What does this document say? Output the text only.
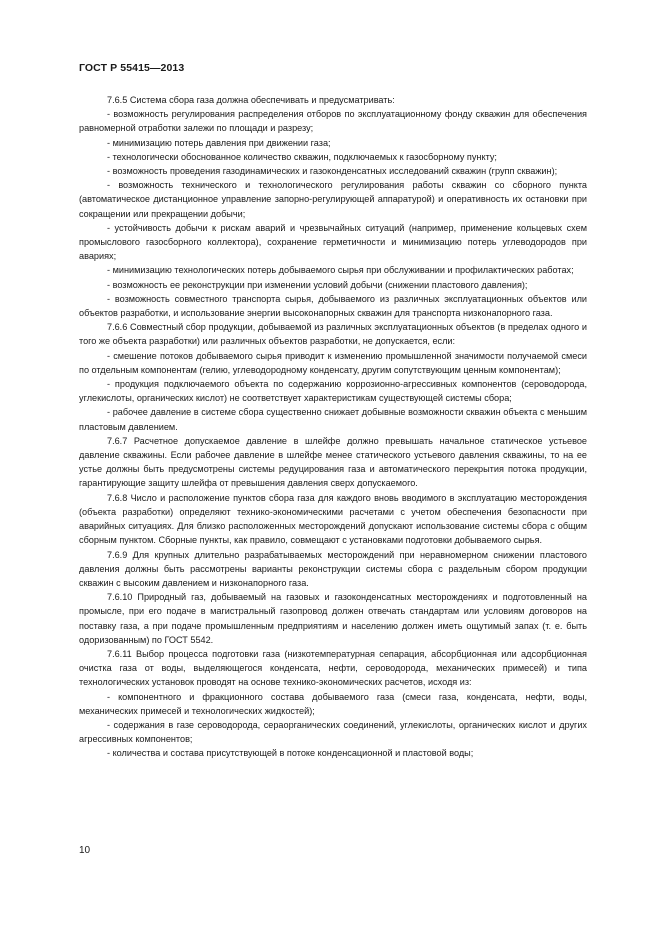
ГОСТ Р 55415—2013

7.6.5 Система сбора газа должна обеспечивать и предусматривать:

- возможность регулирования распределения отборов по эксплуатационному фонду скважин для обеспечения равномерной отработки залежи по площади и разрезу;

- минимизацию потерь давления при движении газа;

- технологически обоснованное количество скважин, подключаемых к газосборному пункту;

- возможность проведения газодинамических и газоконденсатных исследований скважин (групп скважин);

- возможность технического и технологического регулирования работы скважин со сборного пункта (автоматическое дистанционное управление запорно-регулирующей аппаратурой) и оперативность их остановки при сокращении или прекращении добычи;

- устойчивость добычи к рискам аварий и чрезвычайных ситуаций (например, применение кольцевых схем промыслового газосборного коллектора), сохранение герметичности и минимизацию потерь углеводородов при авариях;

- минимизацию технологических потерь добываемого сырья при обслуживании и профилактических работах;

- возможность ее реконструкции при изменении условий добычи (снижении пластового давления);

- возможность совместного транспорта сырья, добываемого из различных эксплуатационных объектов или объектов разработки, и использование энергии высоконапорных скважин для транспорта низконапорного газа.

7.6.6 Совместный сбор продукции, добываемой из различных эксплуатационных объектов (в пределах одного и того же объекта разработки) или различных объектов разработки, не допускается, если:

- смешение потоков добываемого сырья приводит к изменению промышленной значимости получаемой смеси по отдельным компонентам (гелию, углеводородному конденсату, другим сопутствующим ценным компонентам);

- продукция подключаемого объекта по содержанию коррозионно-агрессивных компонентов (сероводорода, углекислоты, органических кислот) не соответствует характеристикам существующей системы сбора;

- рабочее давление в системе сбора существенно снижает добывные возможности скважин объекта с меньшим пластовым давлением.

7.6.7 Расчетное допускаемое давление в шлейфе должно превышать начальное статическое устьевое давление скважины. Если рабочее давление в шлейфе менее статического устьевого давления скважины, то на ее устье должны быть предусмотрены системы редуцирования газа и автоматического перекрытия потока продукции, гарантирующие защиту шлейфа от превышения давления сверх допускаемого.

7.6.8 Число и расположение пунктов сбора газа для каждого вновь вводимого в эксплуатацию месторождения (объекта разработки) определяют технико-экономическими расчетами с учетом обеспечения безопасности при аварийных ситуациях. Для близко расположенных месторождений допускают использование системы сбора с общим сборным пунктом. Сборные пункты, как правило, совмещают с установками подготовки добываемого сырья.

7.6.9 Для крупных длительно разрабатываемых месторождений при неравномерном снижении пластового давления должны быть рассмотрены варианты реконструкции системы сбора с раздельным сбором продукции скважин с высоким давлением и низконапорного газа.

7.6.10 Природный газ, добываемый на газовых и газоконденсатных месторождениях и подготовленный на промысле, при его подаче в магистральный газопровод должен отвечать стандартам или условиям договоров на поставку газа, а при подаче промышленным предприятиям и населению должен иметь ощутимый запах (т. е. быть одоризованным) по ГОСТ 5542.

7.6.11 Выбор процесса подготовки газа (низкотемпературная сепарация, абсорбционная или адсорбционная очистка газа от воды, выделяющегося конденсата, нефти, сероводорода, механических примесей) и типа технологических установок проводят на основе технико-экономических расчетов, исходя из:

- компонентного и фракционного состава добываемого газа (смеси газа, конденсата, нефти, воды, механических примесей и технологических жидкостей);

- содержания в газе сероводорода, сераорганических соединений, углекислоты, органических кислот и других агрессивных компонентов;

- количества и состава присутствующей в потоке конденсационной и пластовой воды;

10
